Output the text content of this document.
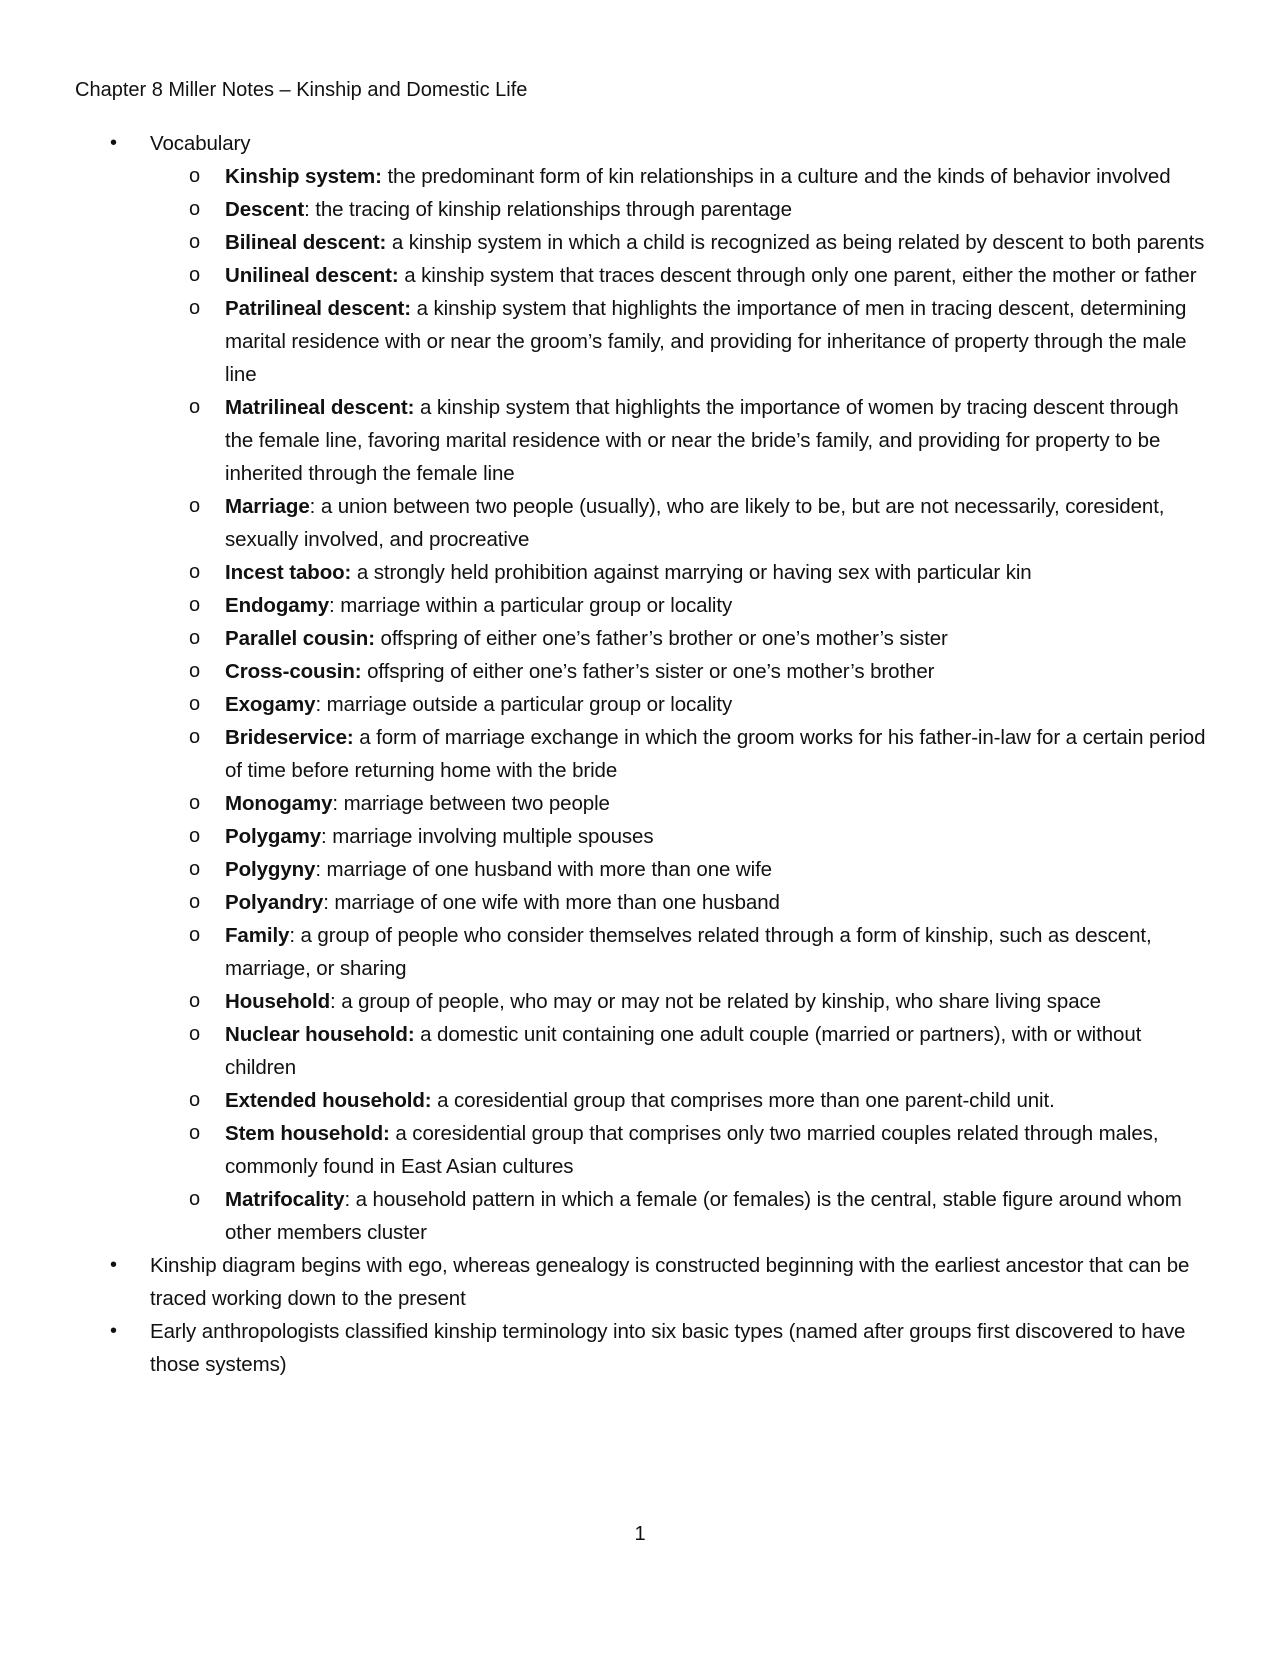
Chapter 8 Miller Notes – Kinship and Domestic Life
• Vocabulary
o Kinship system: the predominant form of kin relationships in a culture and the kinds of behavior involved
o Descent: the tracing of kinship relationships through parentage
o Bilineal descent: a kinship system in which a child is recognized as being related by descent to both parents
o Unilineal descent: a kinship system that traces descent through only one parent, either the mother or father
o Patrilineal descent: a kinship system that highlights the importance of men in tracing descent, determining marital residence with or near the groom’s family, and providing for inheritance of property through the male line
o Matrilineal descent: a kinship system that highlights the importance of women by tracing descent through the female line, favoring marital residence with or near the bride’s family, and providing for property to be inherited through the female line
o Marriage: a union between two people (usually), who are likely to be, but are not necessarily, coresident, sexually involved, and procreative
o Incest taboo: a strongly held prohibition against marrying or having sex with particular kin
o Endogamy: marriage within a particular group or locality
o Parallel cousin: offspring of either one’s father’s brother or one’s mother’s sister
o Cross-cousin: offspring of either one’s father’s sister or one’s mother’s brother
o Exogamy: marriage outside a particular group or locality
o Brideservice: a form of marriage exchange in which the groom works for his father-in-law for a certain period of time before returning home with the bride
o Monogamy: marriage between two people
o Polygamy: marriage involving multiple spouses
o Polygyny: marriage of one husband with more than one wife
o Polyandry: marriage of one wife with more than one husband
o Family: a group of people who consider themselves related through a form of kinship, such as descent, marriage, or sharing
o Household: a group of people, who may or may not be related by kinship, who share living space
o Nuclear household: a domestic unit containing one adult couple (married or partners), with or without children
o Extended household: a coresidential group that comprises more than one parent-child unit.
o Stem household: a coresidential group that comprises only two married couples related through males, commonly found in East Asian cultures
o Matrifocality: a household pattern in which a female (or females) is the central, stable figure around whom other members cluster
• Kinship diagram begins with ego, whereas genealogy is constructed beginning with the earliest ancestor that can be traced working down to the present
• Early anthropologists classified kinship terminology into six basic types (named after groups first discovered to have those systems)
1
